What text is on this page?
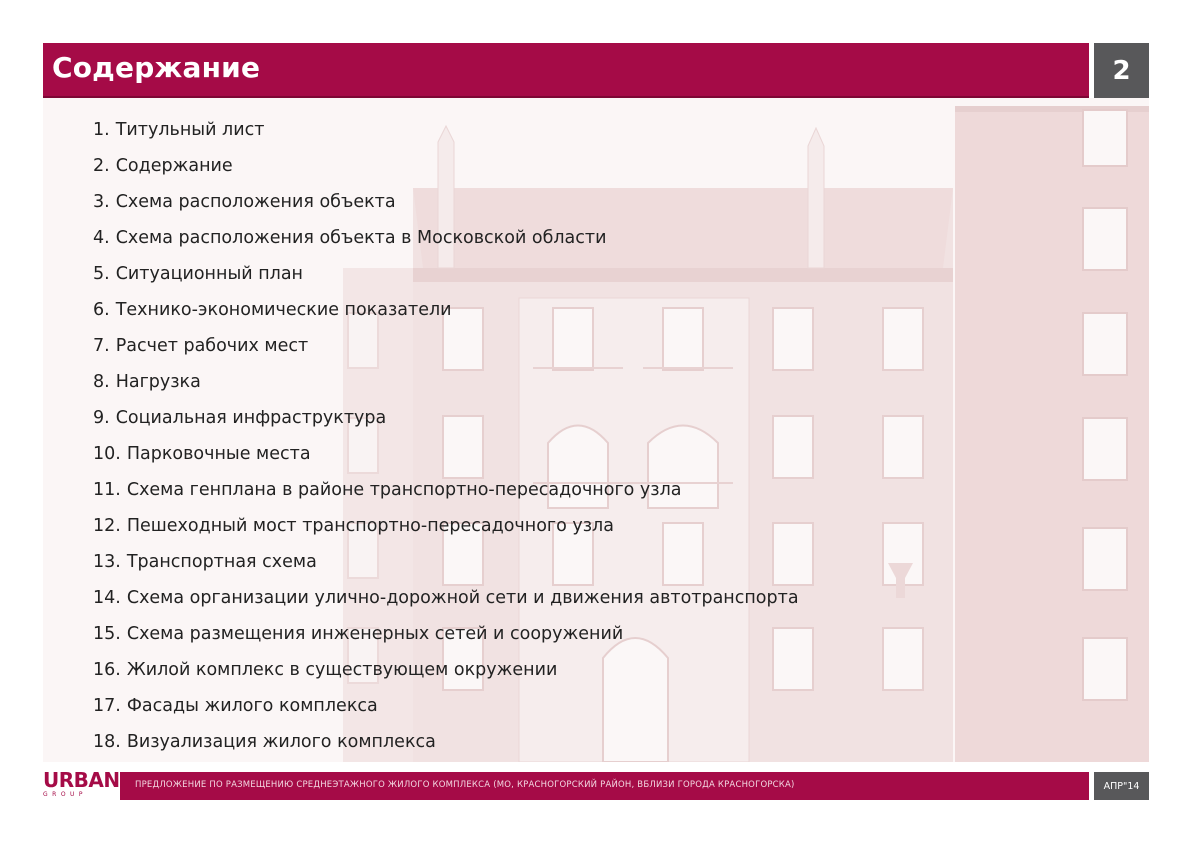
Содержание	2
1. Титульный лист
2. Содержание
3. Схема расположения объекта
4. Схема расположения объекта в Московской области
5. Ситуационный план
6. Технико-экономические показатели
7. Расчет рабочих мест
8. Нагрузка
9. Социальная инфраструктура
10. Парковочные места
11. Схема генплана в районе транспортно-пересадочного узла
12. Пешеходный мост транспортно-пересадочного узла
13. Транспортная схема
14. Схема организации улично-дорожной сети и движения автотранспорта
15. Схема размещения инженерных сетей и сооружений
16. Жилой комплекс в существующем окружении
17. Фасады жилого комплекса
18. Визуализация жилого комплекса
URBAN
GROUP
ПРЕДЛОЖЕНИЕ ПО РАЗМЕЩЕНИЮ СРЕДНЕЭТАЖНОГО ЖИЛОГО КОМПЛЕКСА (МО, КРАСНОГОРСКИЙ РАЙОН, ВБЛИЗИ ГОРОДА КРАСНОГОРСКА)	АПР"14
